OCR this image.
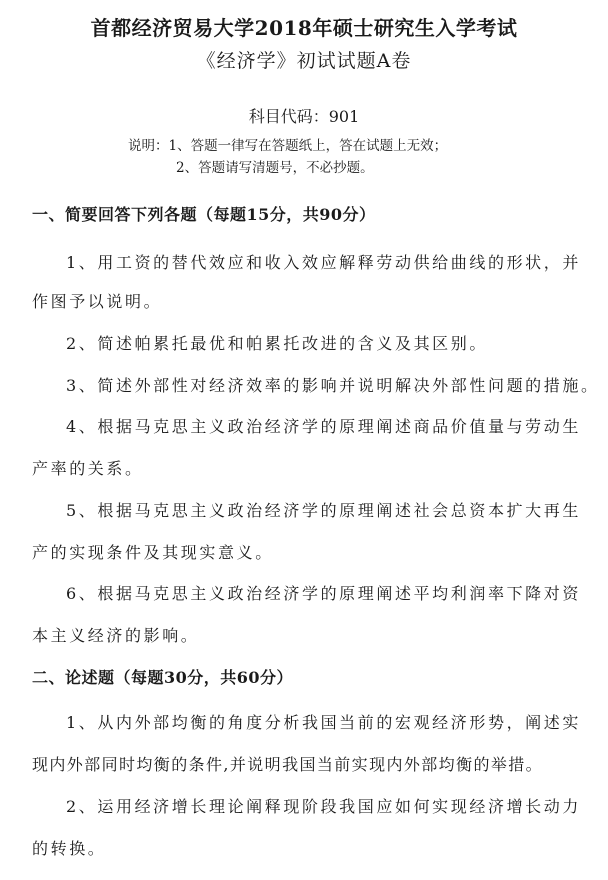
首都经济贸易大学2018年硕士研究生入学考试
《经济学》初试试题A卷
科目代码：901
说明：1、答题一律写在答题纸上，答在试题上无效；
2、答题请写清题号，不必抄题。
一、简要回答下列各题（每题15分，共90分）
1、用工资的替代效应和收入效应解释劳动供给曲线的形状，并
作图予以说明。
2、简述帕累托最优和帕累托改进的含义及其区别。
3、简述外部性对经济效率的影响并说明解决外部性问题的措施。
4、根据马克思主义政治经济学的原理阐述商品价值量与劳动生
产率的关系。
5、根据马克思主义政治经济学的原理阐述社会总资本扩大再生
产的实现条件及其现实意义。
6、根据马克思主义政治经济学的原理阐述平均利润率下降对资
本主义经济的影响。
二、论述题（每题30分，共60分）
1、从内外部均衡的角度分析我国当前的宏观经济形势，阐述实
现内外部同时均衡的条件,并说明我国当前实现内外部均衡的举措。
2、运用经济增长理论阐释现阶段我国应如何实现经济增长动力
的转换。
